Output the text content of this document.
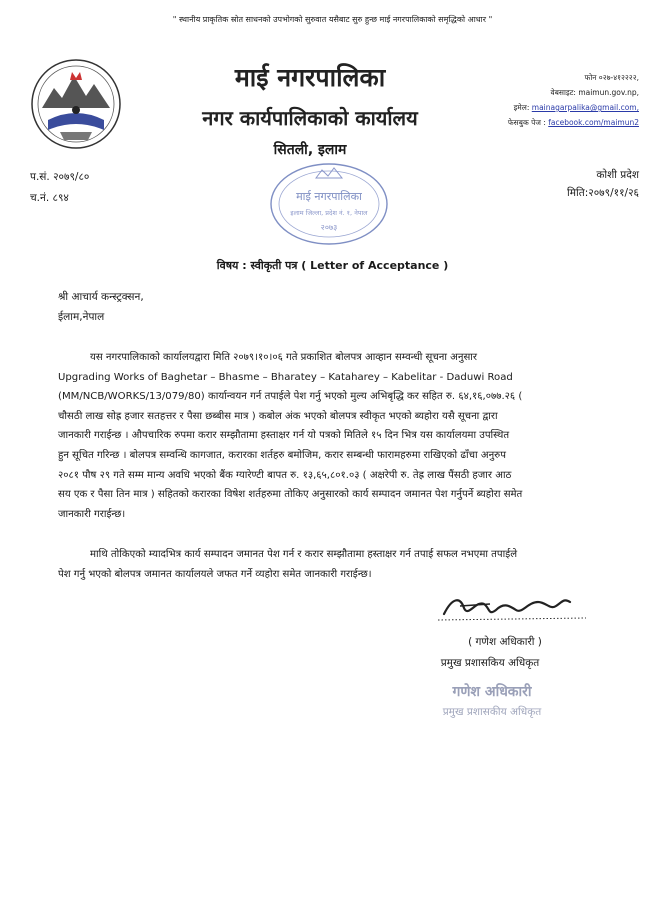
" स्थानीय प्राकृतिक स्रोत साधनको उपभोगको सुरुवात यसैबाट सुरु हुन्छ माई नगरपालिकाको समृद्धिको आधार "
माई नगरपालिका
नगर कार्यपालिकाको कार्यालय
सितली, इलाम
फोन ०२७-४१२२२२,
वेबसाइट: maimun.gov.np,
इमेल: mainagarpalika@gmail.com,
फेसबुक पेज : facebook.com/maimun2
प.सं. २०७९/८०
च.नं. ८९४
कोशी प्रदेश
मिति:२०७९/११/२६
माई नगरपालिका
इलाम जिल्ला, प्रदेश नं. १, नेपाल
२०७३
विषय : स्वीकृती पत्र ( Letter of Acceptance )
श्री आचार्य कन्स्ट्रक्सन,
ईलाम,नेपाल
यस नगरपालिकाको कार्यालयद्वारा मिति २०७९।१०।०६ गते प्रकाशित बोलपत्र आव्हान सम्वन्धी सूचना अनुसार
Upgrading Works of Baghetar – Bhasme – Bharatey – Kataharey – Kabelitar - Daduwi Road
(MM/NCB/WORKS/13/079/80) कार्यान्वयन गर्न तपाईले पेश गर्नु भएको मुल्य अभिबृद्धि कर सहित रु. ६४,१६,०७७.२६ (
चौसठी लाख सोह्र हजार सतहत्तर र पैसा छब्बीस मात्र ) कबोल अंक भएको बोलपत्र स्वीकृत भएको ब्यहोरा यसै सूचना द्वारा
जानकारी गराईन्छ । औपचारिक रुपमा करार सम्झौतामा हस्ताक्षर गर्न यो पत्रको मितिले १५ दिन भित्र यस कार्यालयमा उपस्थित
हुन सूचित गरिन्छ । बोलपत्र सम्वन्धि कागजात, करारका शर्तहरु बमोजिम, करार सम्बन्धी फारामहरुमा राखिएको ढाँचा अनुरुप
२०८१ पौष २९ गते सम्म मान्य अवधि भएको बैंक ग्यारेण्टी बापत रु. १३,६५,८०१.०३ ( अक्षरेपी रु. तेह्र लाख पैंसठी हजार आठ
सय एक र पैसा तिन मात्र ) सहितको करारका विषेश शर्तहरुमा तोकिए अनुसारको कार्य सम्पादन जमानत पेश गर्नुपर्ने ब्यहोरा समेत
जानकारी गराईन्छ।
माथि तोकिएको म्यादभित्र कार्य सम्पादन जमानत पेश गर्न र करार सम्झौतामा हस्ताक्षर गर्न तपाई सफल नभएमा तपाईले
पेश गर्नु भएको बोलपत्र जमानत कार्यालयले जफत गर्ने व्यहोरा समेत जानकारी गराईन्छ।
( गणेश अधिकारी )
प्रमुख प्रशासकिय अधिकृत
गणेश अधिकारी
प्रमुख प्रशासकीय अधिकृत
